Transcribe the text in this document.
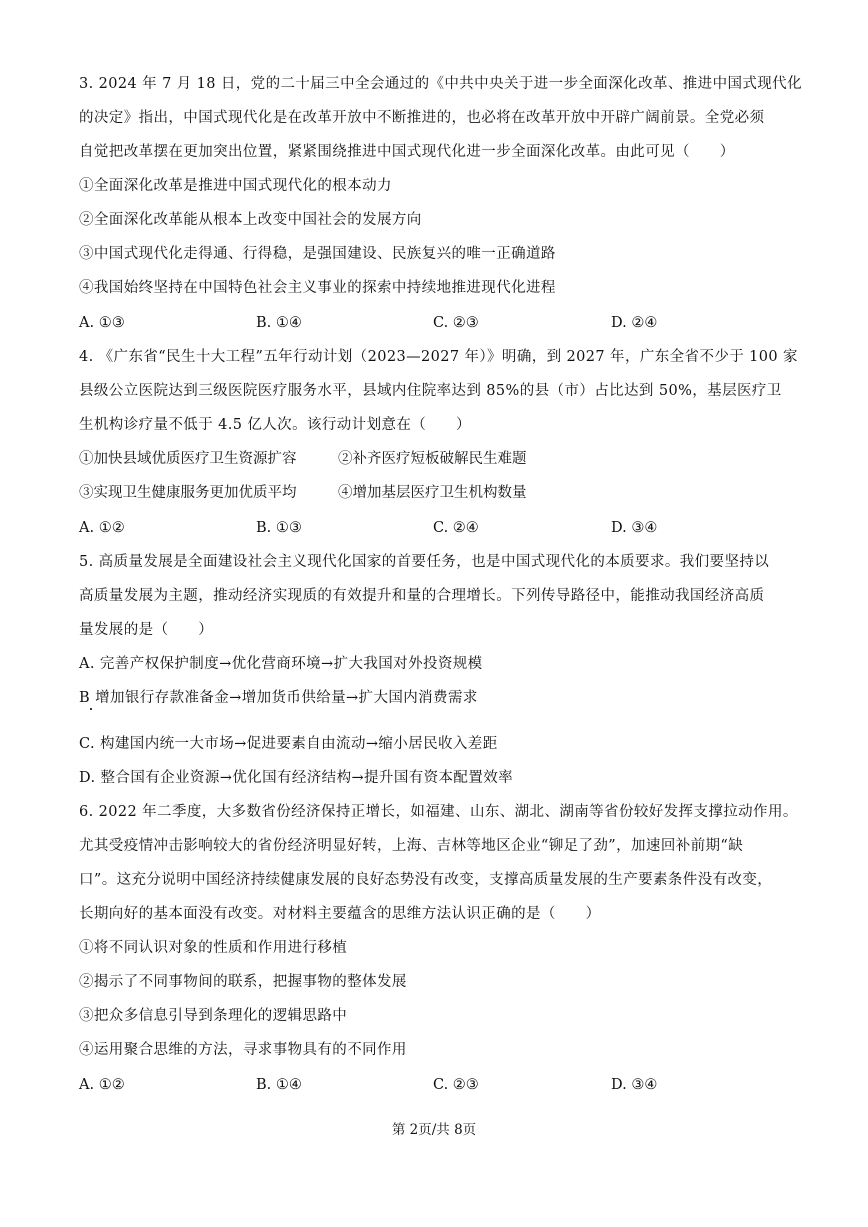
3. 2024 年 7 月 18 日，党的二十届三中全会通过的《中共中央关于进一步全面深化改革、推进中国式现代化
的决定》指出，中国式现代化是在改革开放中不断推进的，也必将在改革开放中开辟广阔前景。全党必须
自觉把改革摆在更加突出位置，紧紧围绕推进中国式现代化进一步全面深化改革。由此可见（　　）
①全面深化改革是推进中国式现代化的根本动力
②全面深化改革能从根本上改变中国社会的发展方向
③中国式现代化走得通、行得稳，是强国建设、民族复兴的唯一正确道路
④我国始终坚持在中国特色社会主义事业的探索中持续地推进现代化进程
A. ①③	B. ①④	C. ②③	D. ②④
4. 《广东省“民生十大工程”五年行动计划（2023—2027 年）》明确，到 2027 年，广东全省不少于 100 家
县级公立医院达到三级医院医疗服务水平，县域内住院率达到 85%的县（市）占比达到 50%，基层医疗卫
生机构诊疗量不低于 4.5 亿人次。该行动计划意在（　　）
①加快县域优质医疗卫生资源扩容	②补齐医疗短板破解民生难题
③实现卫生健康服务更加优质平均	④增加基层医疗卫生机构数量
A. ①②	B. ①③	C. ②④	D. ③④
5. 高质量发展是全面建设社会主义现代化国家的首要任务，也是中国式现代化的本质要求。我们要坚持以
高质量发展为主题，推动经济实现质的有效提升和量的合理增长。下列传导路径中，能推动我国经济高质
量发展的是（　　）
A. 完善产权保护制度→优化营商环境→扩大我国对外投资规模
B 增加银行存款准备金→增加货币供给量→扩大国内消费需求
C. 构建国内统一大市场→促进要素自由流动→缩小居民收入差距
D. 整合国有企业资源→优化国有经济结构→提升国有资本配置效率
6. 2022 年二季度，大多数省份经济保持正增长，如福建、山东、湖北、湖南等省份较好发挥支撑拉动作用。
尤其受疫情冲击影响较大的省份经济明显好转，上海、吉林等地区企业“铆足了劲”，加速回补前期“缺
口”。这充分说明中国经济持续健康发展的良好态势没有改变，支撑高质量发展的生产要素条件没有改变，
长期向好的基本面没有改变。对材料主要蕴含的思维方法认识正确的是（　　）
①将不同认识对象的性质和作用进行移植
②揭示了不同事物间的联系，把握事物的整体发展
③把众多信息引导到条理化的逻辑思路中
④运用聚合思维的方法，寻求事物具有的不同作用
A. ①②	B. ①④	C. ②③	D. ③④
第 2页/共 8页
